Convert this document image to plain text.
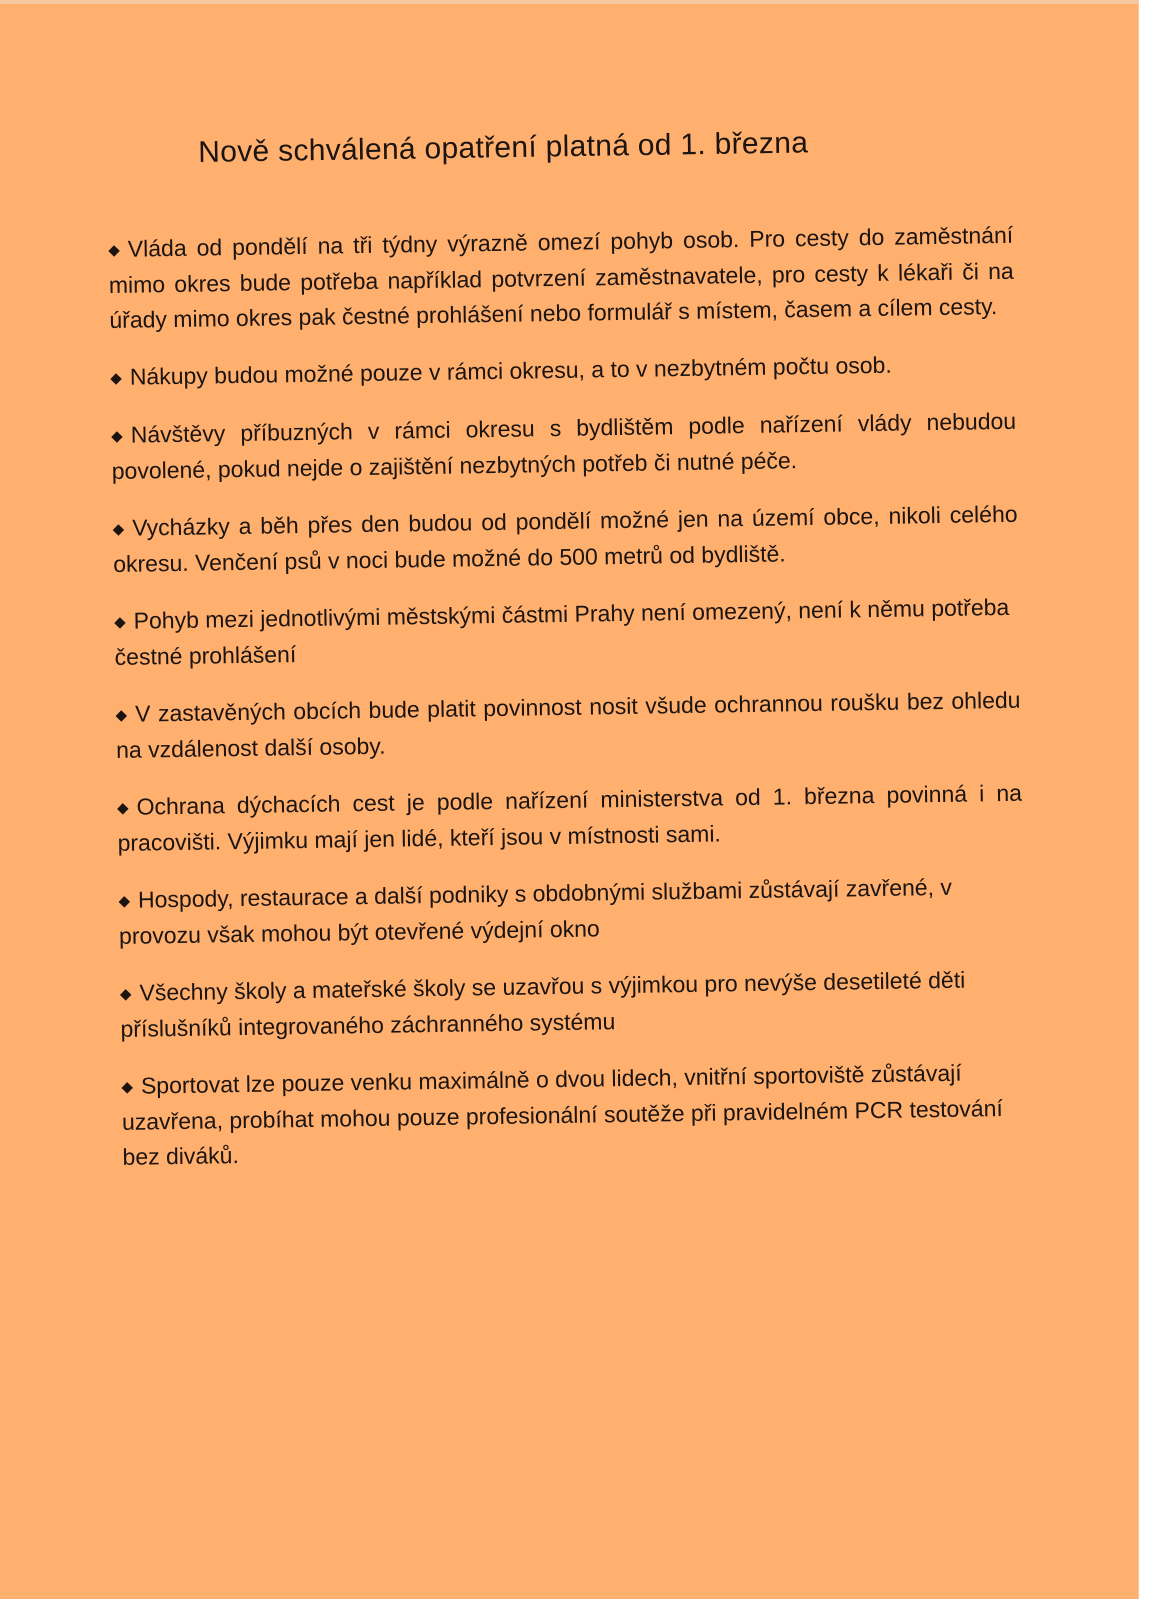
Nově schválená opatření platná od 1. března

◆ Vláda od pondělí na tři týdny výrazně omezí pohyb osob. Pro cesty do zaměstnání mimo okres bude potřeba například potvrzení zaměstnavatele, pro cesty k lékaři či na úřady mimo okres pak čestné prohlášení nebo formulář s místem, časem a cílem cesty.

◆ Nákupy budou možné pouze v rámci okresu, a to v nezbytném počtu osob.

◆ Návštěvy příbuzných v rámci okresu s bydlištěm podle nařízení vlády nebudou povolené, pokud nejde o zajištění nezbytných potřeb či nutné péče.

◆ Vycházky a běh přes den budou od pondělí možné jen na území obce, nikoli celého okresu. Venčení psů v noci bude možné do 500 metrů od bydliště.

◆ Pohyb mezi jednotlivými městskými částmi Prahy není omezený, není k němu potřeba čestné prohlášení

◆ V zastavěných obcích bude platit povinnost nosit všude ochrannou roušku bez ohledu na vzdálenost další osoby.

◆ Ochrana dýchacích cest je podle nařízení ministerstva od 1. března povinná i na pracovišti. Výjimku mají jen lidé, kteří jsou v místnosti sami.

◆ Hospody, restaurace a další podniky s obdobnými službami zůstávají zavřené, v provozu však mohou být otevřené výdejní okno

◆ Všechny školy a mateřské školy se uzavřou s výjimkou pro nevýše desetileté děti příslušníků integrovaného záchranného systému

◆ Sportovat lze pouze venku maximálně o dvou lidech, vnitřní sportoviště zůstávají uzavřena, probíhat mohou pouze profesionální soutěže při pravidelném PCR testování bez diváků.
